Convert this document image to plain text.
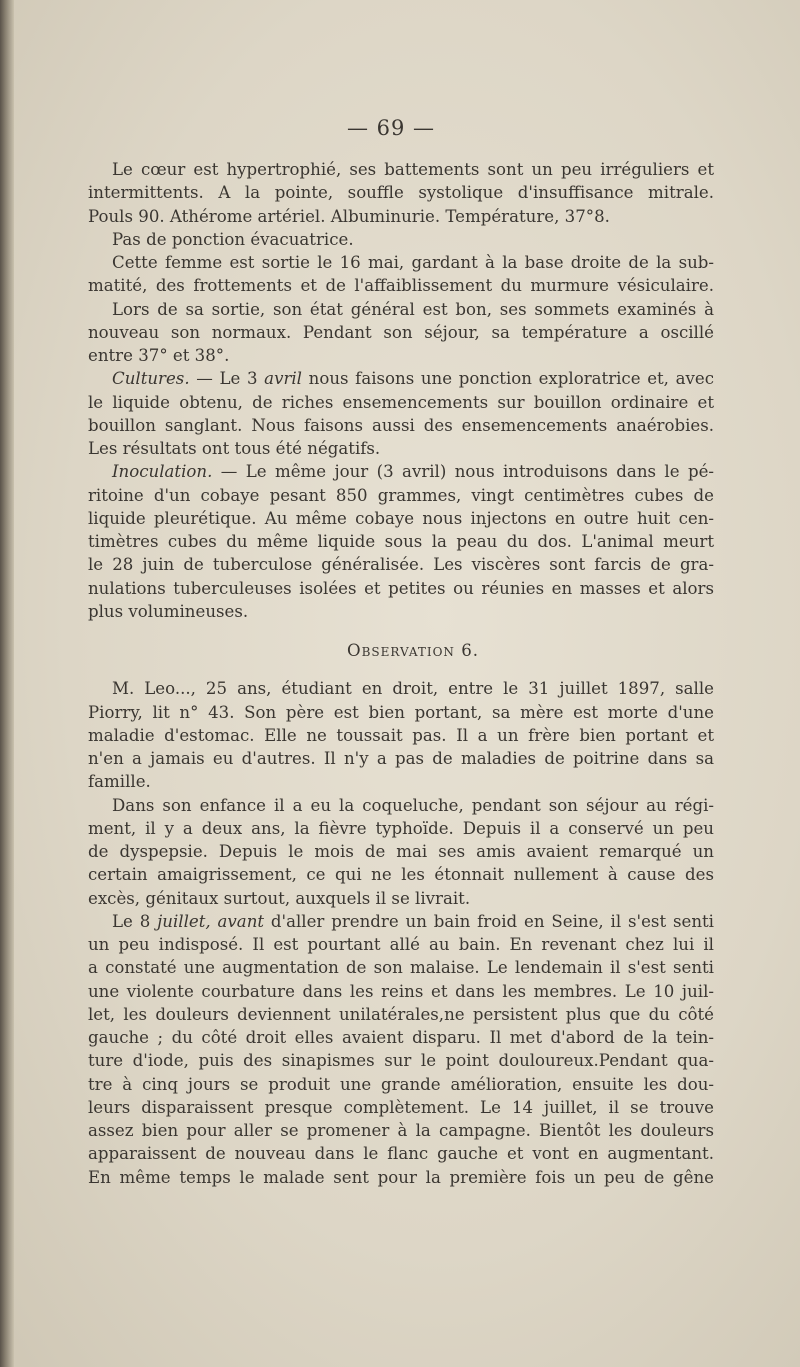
— 69 —
Le cœur est hypertrophié, ses battements sont un peu irréguliers et
intermittents. A la pointe, souffle systolique d'insuffisance mitrale.
Pouls 90. Athérome artériel. Albuminurie. Température, 37°8.
Pas de ponction évacuatrice.
Cette femme est sortie le 16 mai, gardant à la base droite de la sub-
matité, des frottements et de l'affaiblissement du murmure vésiculaire.
Lors de sa sortie, son état général est bon, ses sommets examinés à
nouveau son normaux. Pendant son séjour, sa température a oscillé
entre 37° et 38°.
Cultures. — Le 3 avril nous faisons une ponction exploratrice et, avec
le liquide obtenu, de riches ensemencements sur bouillon ordinaire et
bouillon sanglant. Nous faisons aussi des ensemencements anaérobies.
Les résultats ont tous été négatifs.
Inoculation. — Le même jour (3 avril) nous introduisons dans le pé-
ritoine d'un cobaye pesant 850 grammes, vingt centimètres cubes de
liquide pleurétique. Au même cobaye nous injectons en outre huit cen-
timètres cubes du même liquide sous la peau du dos. L'animal meurt
le 28 juin de tuberculose généralisée. Les viscères sont farcis de gra-
nulations tuberculeuses isolées et petites ou réunies en masses et alors
plus volumineuses.
Observation 6.
M. Leo..., 25 ans, étudiant en droit, entre le 31 juillet 1897, salle
Piorry, lit n° 43. Son père est bien portant, sa mère est morte d'une
maladie d'estomac. Elle ne toussait pas. Il a un frère bien portant et
n'en a jamais eu d'autres. Il n'y a pas de maladies de poitrine dans sa
famille.
Dans son enfance il a eu la coqueluche, pendant son séjour au régi-
ment, il y a deux ans, la fièvre typhoïde. Depuis il a conservé un peu
de dyspepsie. Depuis le mois de mai ses amis avaient remarqué un
certain amaigrissement, ce qui ne les étonnait nullement à cause des
excès, génitaux surtout, auxquels il se livrait.
Le 8 juillet, avant d'aller prendre un bain froid en Seine, il s'est senti
un peu indisposé. Il est pourtant allé au bain. En revenant chez lui il
a constaté une augmentation de son malaise. Le lendemain il s'est senti
une violente courbature dans les reins et dans les membres. Le 10 juil-
let, les douleurs deviennent unilatérales,ne persistent plus que du côté
gauche ; du côté droit elles avaient disparu. Il met d'abord de la tein-
ture d'iode, puis des sinapismes sur le point douloureux.Pendant qua-
tre à cinq jours se produit une grande amélioration, ensuite les dou-
leurs disparaissent presque complètement. Le 14 juillet, il se trouve
assez bien pour aller se promener à la campagne. Bientôt les douleurs
apparaissent de nouveau dans le flanc gauche et vont en augmentant.
En même temps le malade sent pour la première fois un peu de gêne
